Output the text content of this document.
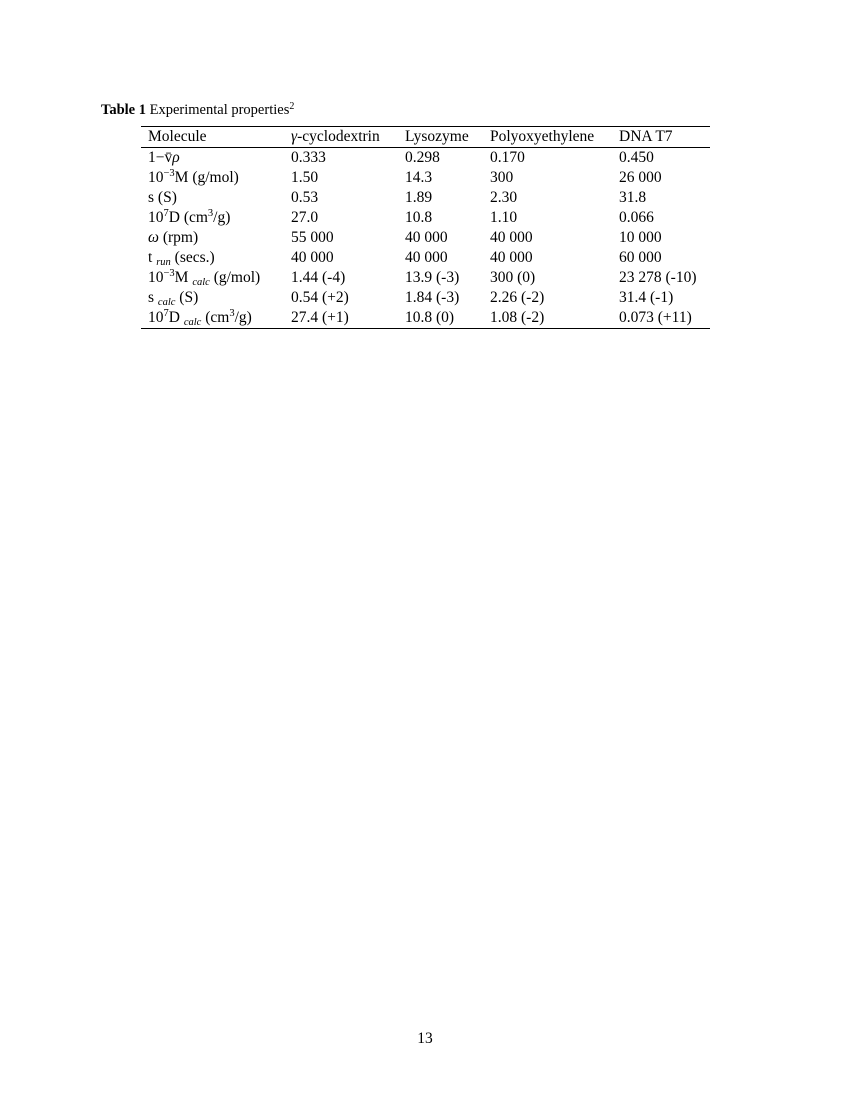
Table 1 Experimental properties$^2$
Molecule	γ-cyclodextrin	Lysozyme	Polyoxyethylene	DNA T7
1−v̄ρ	0.333	0.298	0.170	0.450
$10^{-3}M$ (g/mol)	1.50	14.3	300	26 000
s (S)	0.53	1.89	2.30	31.8
$10^7D$ $(cm^3/g)$	27.0	10.8	1.10	0.066
ω (rpm)	55 000	40 000	40 000	10 000
t run (secs.)	40 000	40 000	40 000	60 000
$10^{-3}M$ calc (g/mol)	1.44 (-4)	13.9 (-3)	300 (0)	23 278 (-10)
s calc (S)	0.54 (+2)	1.84 (-3)	2.26 (-2)	31.4 (-1)
$10^7D$ calc $(cm^3/g)$	27.4 (+1)	10.8 (0)	1.08 (-2)	0.073 (+11)
13
